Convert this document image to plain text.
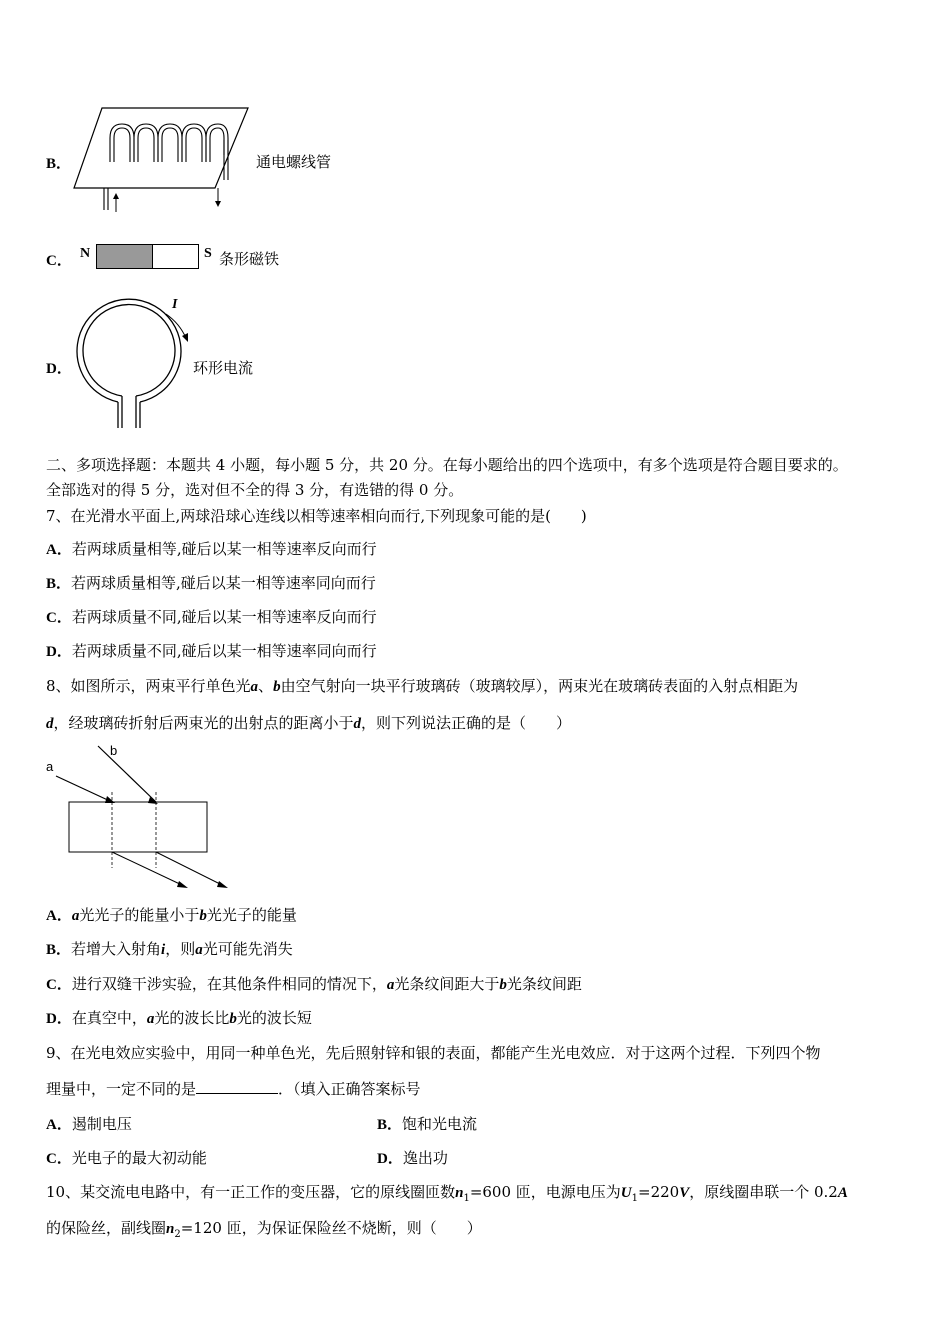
B．	通电螺线管
C． N	S 条形磁铁
D．
I
环形电流
二、多项选择题：本题共 4 小题，每小题 5 分，共 20 分。在每小题给出的四个选项中，有多个选项是符合题目要求的。
全部选对的得 5 分，选对但不全的得 3 分，有选错的得 0 分。
7、在光滑水平面上,两球沿球心连线以相等速率相向而行,下列现象可能的是(　　)
A．若两球质量相等,碰后以某一相等速率反向而行
B．若两球质量相等,碰后以某一相等速率同向而行
C．若两球质量不同,碰后以某一相等速率反向而行
D．若两球质量不同,碰后以某一相等速率同向而行
8、如图所示，两束平行单色光a、b由空气射向一块平行玻璃砖（玻璃较厚），两束光在玻璃砖表面的入射点相距为
d，经玻璃砖折射后两束光的出射点的距离小于d，则下列说法正确的是（　　）
a
b
A．a光光子的能量小于b光光子的能量
B．若增大入射角i，则a光可能先消失
C．进行双缝干涉实验，在其他条件相同的情况下，a光条纹间距大于b光条纹间距
D．在真空中，a光的波长比b光的波长短
9、在光电效应实验中，用同一种单色光，先后照射锌和银的表面，都能产生光电效应．对于这两个过程．下列四个物
理量中，一定不同的是	．（填入正确答案标号
A．遏制电压	B．饱和光电流
C．光电子的最大初动能	D．逸出功
10、某交流电电路中，有一正工作的变压器，它的原线圈匝数$n_1=600$ 匝，电源电压为$U_1=220V$，原线圈串联一个 0.2A
的保险丝，副线圈$n_2=120$ 匝，为保证保险丝不烧断，则（　　）
